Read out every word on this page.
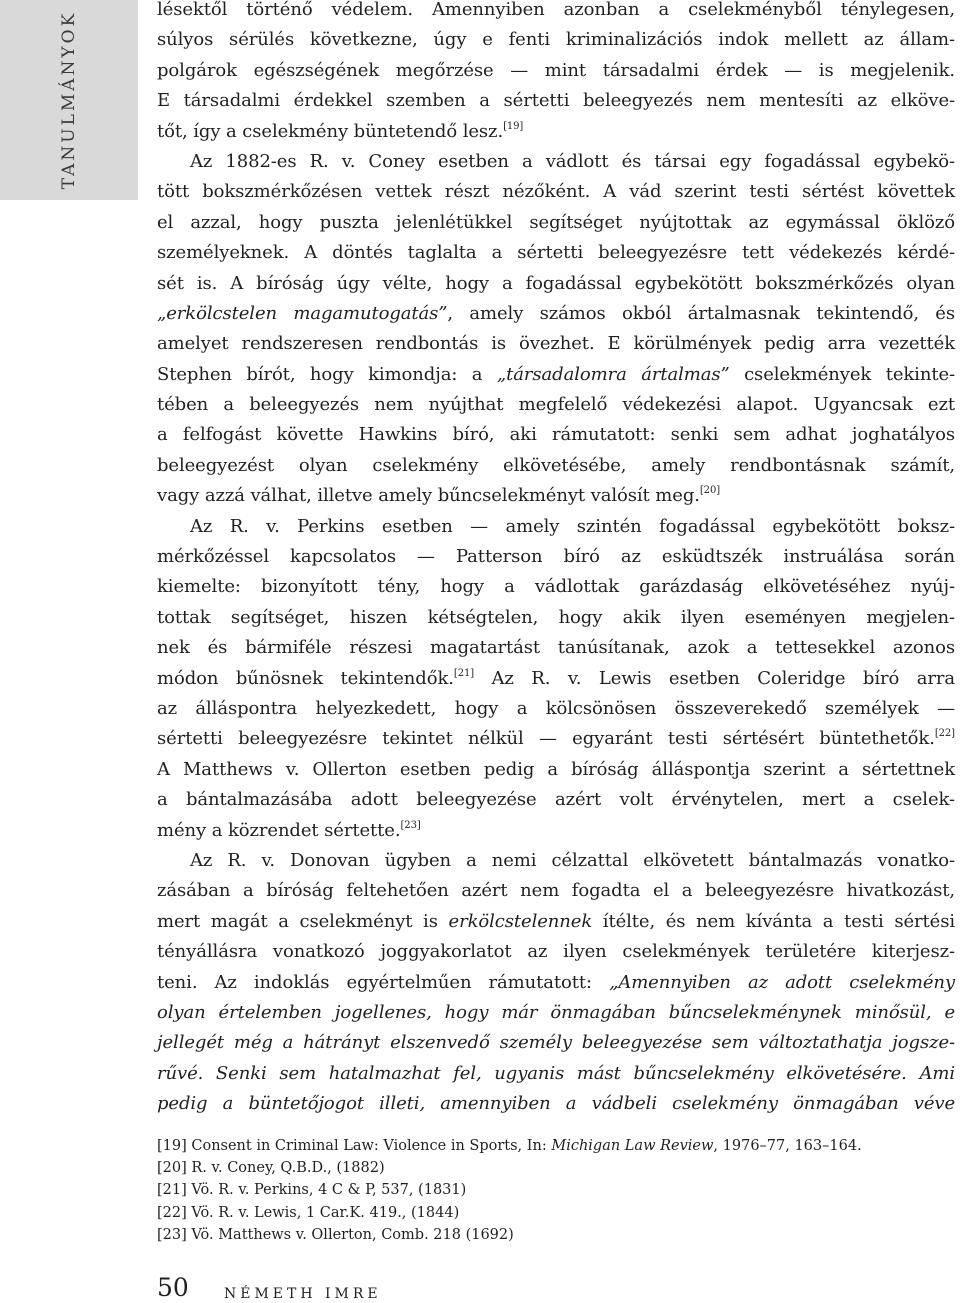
TANULMÁNYOK
lésektől történő védelem. Amennyiben azonban a cselekményből ténylegesen,
súlyos sérülés következne, úgy e fenti kriminalizációs indok mellett az állam-
polgárok egészségének megőrzése — mint társadalmi érdek — is megjelenik.
E társadalmi érdekkel szemben a sértetti beleegyezés nem mentesíti az elköve-
tőt, így a cselekmény büntetendő lesz.[19]
Az 1882-es R. v. Coney esetben a vádlott és társai egy fogadással egybekö-
tött bokszmérkőzésen vettek részt nézőként. A vád szerint testi sértést követtek
el azzal, hogy puszta jelenlétükkel segítséget nyújtottak az egymással öklöző
személyeknek. A döntés taglalta a sértetti beleegyezésre tett védekezés kérdé-
sét is. A bíróság úgy vélte, hogy a fogadással egybekötött bokszmérkőzés olyan
„erkölcstelen magamutogatás”, amely számos okból ártalmasnak tekintendő, és
amelyet rendszeresen rendbontás is övezhet. E körülmények pedig arra vezették
Stephen bírót, hogy kimondja: a „társadalomra ártalmas” cselekmények tekinte-
tében a beleegyezés nem nyújthat megfelelő védekezési alapot. Ugyancsak ezt
a felfogást követte Hawkins bíró, aki rámutatott: senki sem adhat joghatályos
beleegyezést olyan cselekmény elkövetésébe, amely rendbontásnak számít,
vagy azzá válhat, illetve amely bűncselekményt valósít meg.[20]
Az R. v. Perkins esetben — amely szintén fogadással egybekötött boksz-
mérkőzéssel kapcsolatos — Patterson bíró az esküdtszék instruálása során
kiemelte: bizonyított tény, hogy a vádlottak garázdaság elkövetéséhez nyúj-
tottak segítséget, hiszen kétségtelen, hogy akik ilyen eseményen megjelen-
nek és bármiféle részesi magatartást tanúsítanak, azok a tettesekkel azonos
módon bűnösnek tekintendők.[21] Az R. v. Lewis esetben Coleridge bíró arra
az álláspontra helyezkedett, hogy a kölcsönösen összeverekedő személyek —
sértetti beleegyezésre tekintet nélkül — egyaránt testi sértésért büntethetők.[22]
A Matthews v. Ollerton esetben pedig a bíróság álláspontja szerint a sértettnek
a bántalmazásába adott beleegyezése azért volt érvénytelen, mert a cselek-
mény a közrendet sértette.[23]
Az R. v. Donovan ügyben a nemi célzattal elkövetett bántalmazás vonatko-
zásában a bíróság feltehetően azért nem fogadta el a beleegyezésre hivatkozást,
mert magát a cselekményt is erkölcstelennek ítélte, és nem kívánta a testi sértési
tényállásra vonatkozó joggyakorlatot az ilyen cselekmények területére kiterjesz-
teni. Az indoklás egyértelműen rámutatott: „Amennyiben az adott cselekmény
olyan értelemben jogellenes, hogy már önmagában bűncselekménynek minősül, e
jellegét még a hátrányt elszenvedő személy beleegyezése sem változtathatja jogsze-
rűvé. Senki sem hatalmazhat fel, ugyanis mást bűncselekmény elkövetésére. Ami
pedig a büntetőjogot illeti, amennyiben a vádbeli cselekmény önmagában véve
[19] Consent in Criminal Law: Violence in Sports, In: Michigan Law Review, 1976–77, 163–164.
[20] R. v. Coney, Q.B.D., (1882)
[21] Vö. R. v. Perkins, 4 C & P, 537, (1831)
[22] Vö. R. v. Lewis, 1 Car.K. 419., (1844)
[23] Vö. Matthews v. Ollerton, Comb. 218 (1692)
50	NÉMETH IMRE
